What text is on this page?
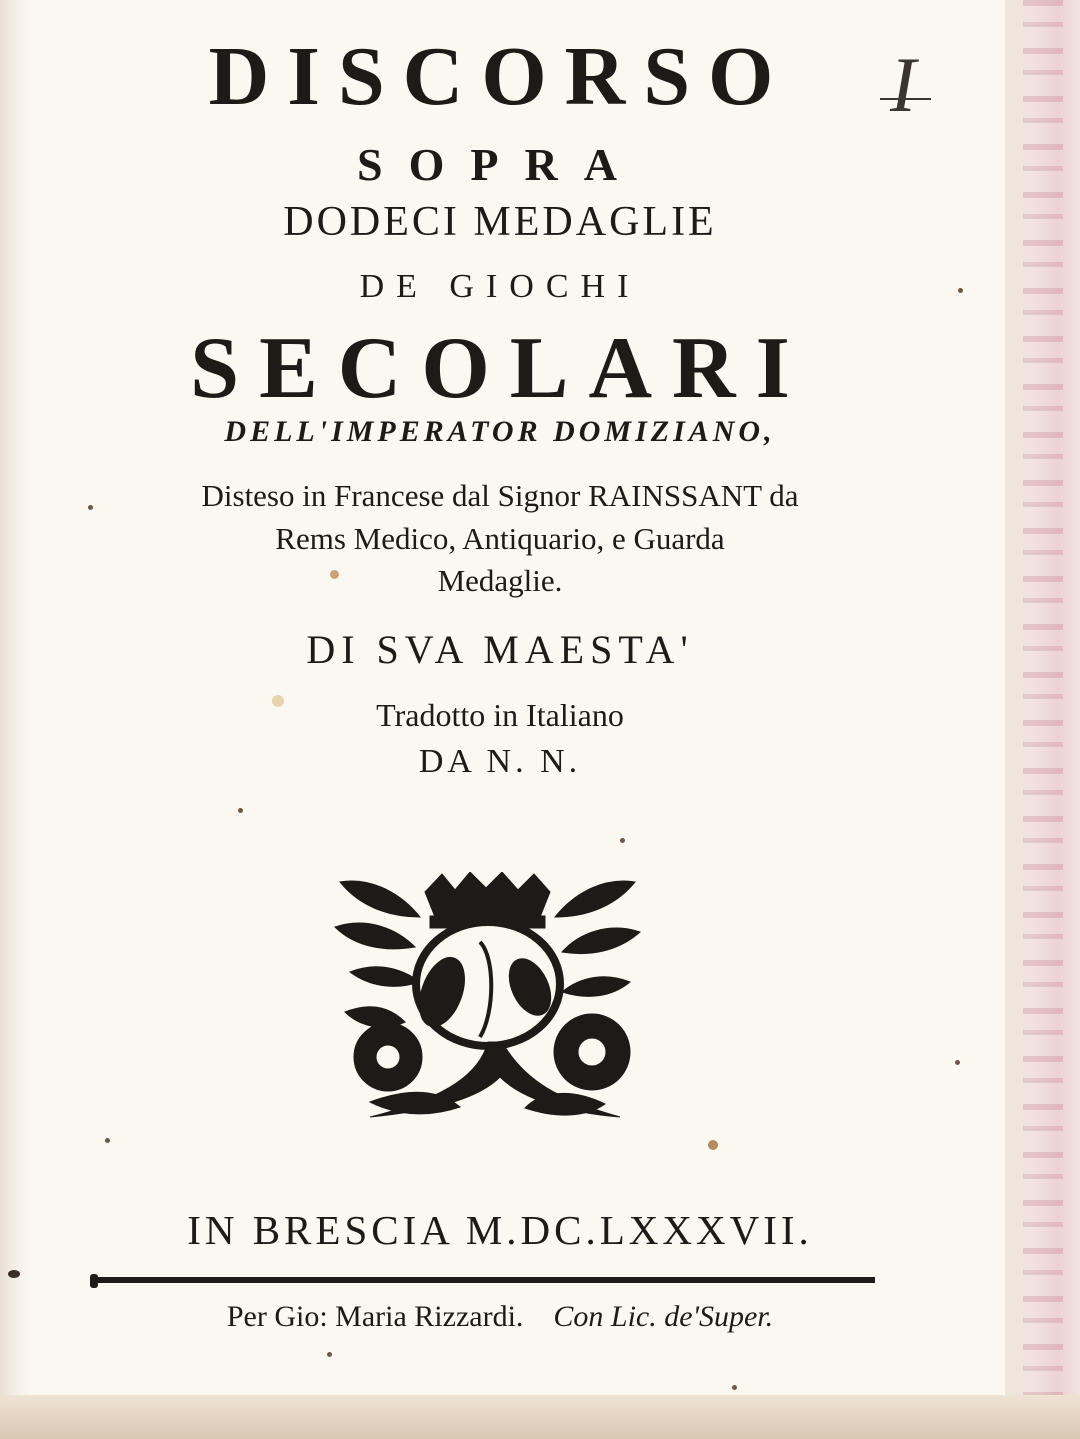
DISCORSO	I
SOPRA
DODECI MEDAGLIE
DE GIOCHI
SECOLARI
DELL'IMPERATOR DOMIZIANO,
Disteso in Francese dal Signor RAINSSANT da
Rems Medico, Antiquario, e Guarda
Medaglie.
DI SVA MAESTA'
Tradotto in Italiano
DA N. N.
IN BRESCIA M.DC.LXXXVII.
Per Gio: Maria Rizzardi. Con Lic. de'Super.
